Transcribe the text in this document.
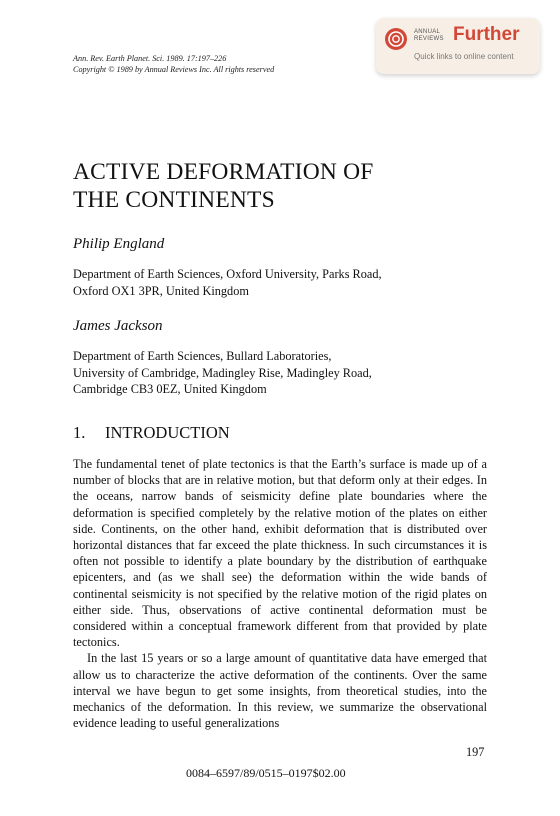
Ann. Rev. Earth Planet. Sci. 1989. 17:197–226
Copyright © 1989 by Annual Reviews Inc. All rights reserved
ANNUAL
REVIEWS Further
Quick links to online content
ACTIVE DEFORMATION OF
THE CONTINENTS
Philip England
Department of Earth Sciences, Oxford University, Parks Road,
Oxford OX1 3PR, United Kingdom
James Jackson
Department of Earth Sciences, Bullard Laboratories,
University of Cambridge, Madingley Rise, Madingley Road,
Cambridge CB3 0EZ, United Kingdom
1. INTRODUCTION

The fundamental tenet of plate tectonics is that the Earth’s surface is made up of a number of blocks that are in relative motion, but that deform only at their edges. In the oceans, narrow bands of seismicity define plate boundaries where the deformation is specified completely by the relative motion of the plates on either side. Continents, on the other hand, exhibit deformation that is distributed over horizontal distances that far exceed the plate thickness. In such circumstances it is often not possible to identify a plate boundary by the distribution of earthquake epicenters, and (as we shall see) the deformation within the wide bands of continental seismicity is not specified by the relative motion of the rigid plates on either side. Thus, observations of active continental deformation must be considered within a conceptual framework different from that provided by plate tectonics.

In the last 15 years or so a large amount of quantitative data have emerged that allow us to characterize the active deformation of the continents. Over the same interval we have begun to get some insights, from theoretical studies, into the mechanics of the deformation. In this review, we summarize the observational evidence leading to useful generalizations

197
0084–6597/89/0515–0197$02.00
